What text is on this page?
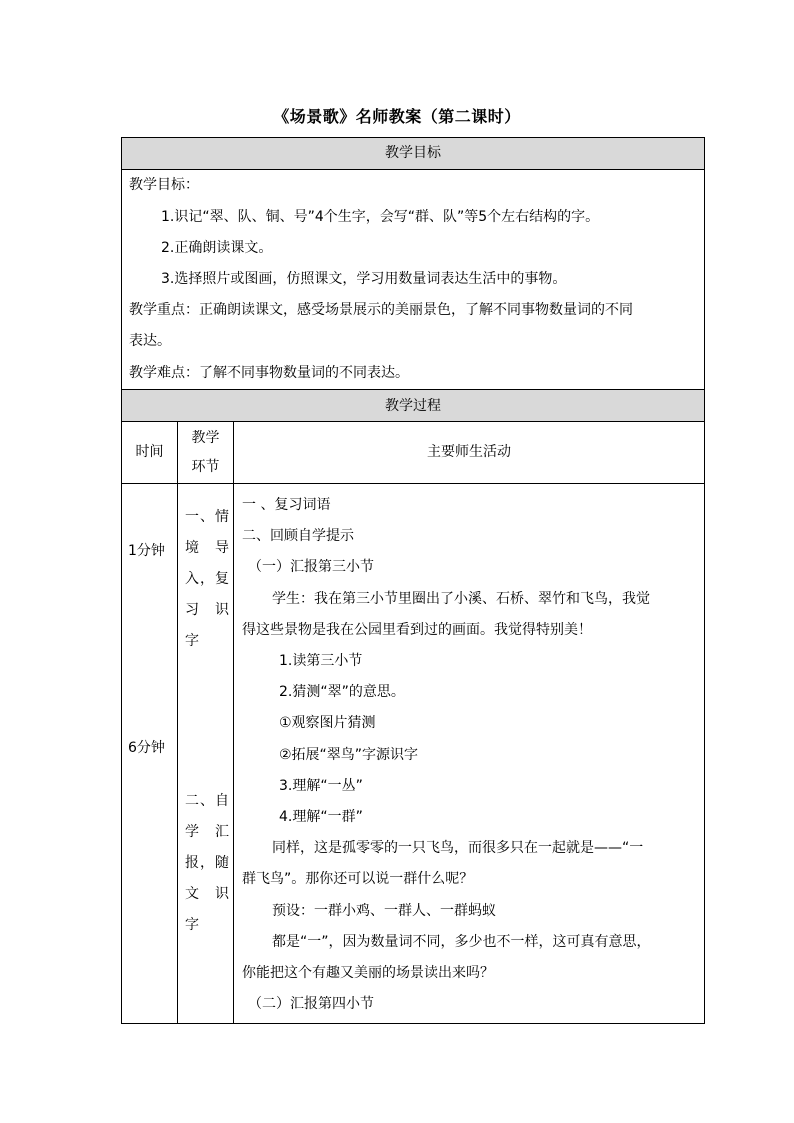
《场景歌》名师教案（第二课时）
教学目标
教学目标：
1.识记“翠、队、铜、号”4个生字，会写“群、队”等5个左右结构的字。
2.正确朗读课文。
3.选择照片或图画，仿照课文，学习用数量词表达生活中的事物。
教学重点：正确朗读课文，感受场景展示的美丽景色，了解不同事物数量词的不同
表达。
教学难点：了解不同事物数量词的不同表达。
教学过程
时间
教学
环节
主要师生活动
1分钟
6分钟
一 、 情
境 导
入 ， 复
习 识
字
二 、 自
学 汇
报 ， 随
文 识
字
一 、复习词语
二、回顾自学提示
（一）汇报第三小节
学生：我在第三小节里圈出了小溪、石桥、翠竹和飞鸟，我觉
得这些景物是我在公园里看到过的画面。我觉得特别美！
1.读第三小节
2.猜测“翠”的意思。
①观察图片猜测
②拓展“翠鸟”字源识字
3.理解“一丛”
4.理解“一群”
同样，这是孤零零的一只飞鸟，而很多只在一起就是——“一
群飞鸟”。那你还可以说一群什么呢？
预设：一群小鸡、一群人、一群蚂蚁
都是“一”，因为数量词不同，多少也不一样，这可真有意思，
你能把这个有趣又美丽的场景读出来吗？
（二）汇报第四小节
